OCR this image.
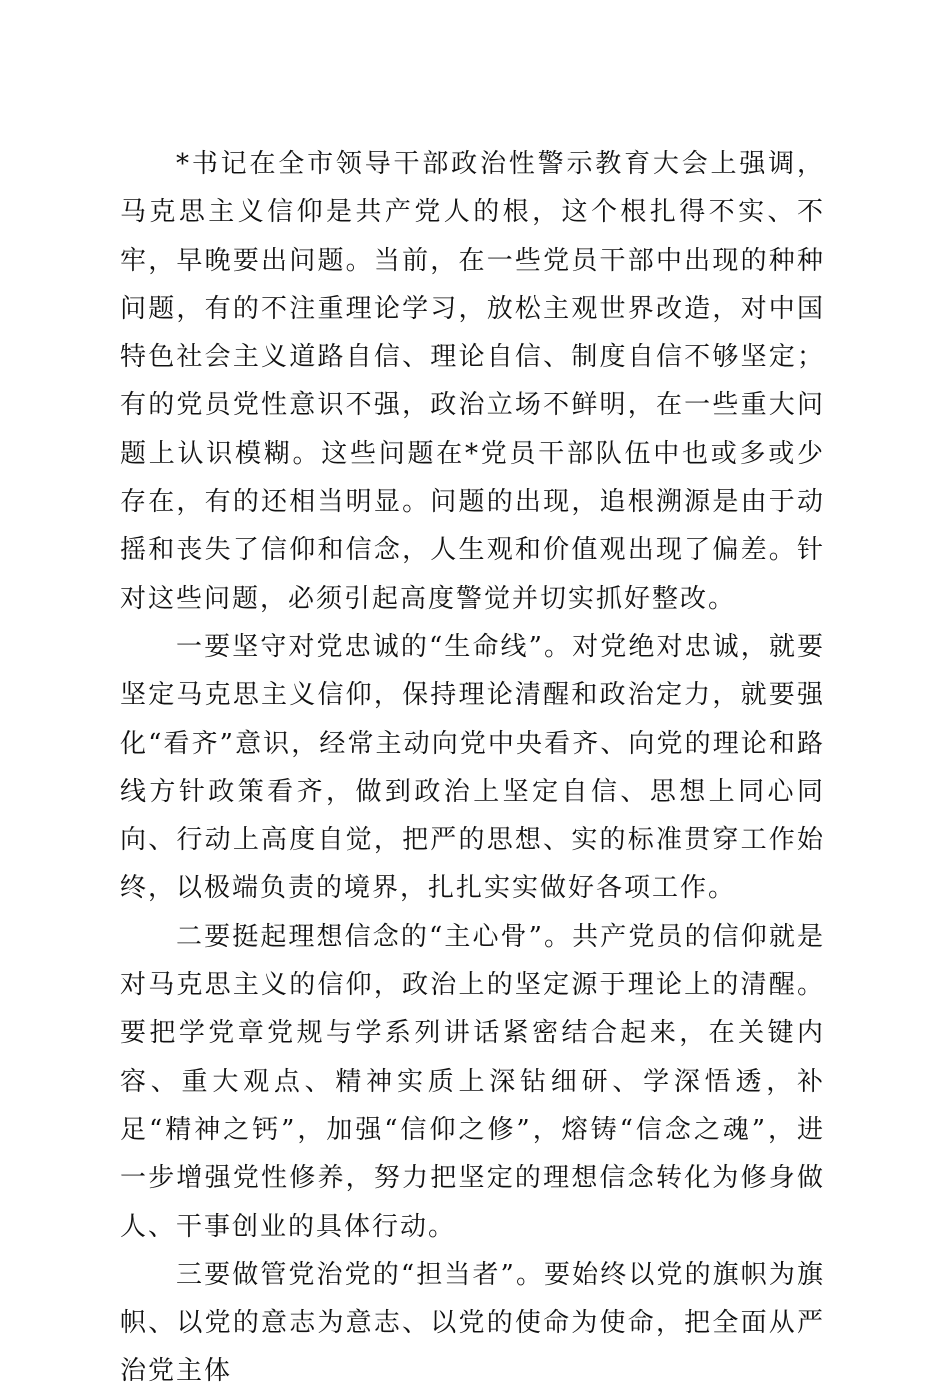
*书记在全市领导干部政治性警示教育大会上强调，马克思主义信仰是共产党人的根，这个根扎得不实、不牢，早晚要出问题。当前，在一些党员干部中出现的种种问题，有的不注重理论学习，放松主观世界改造，对中国特色社会主义道路自信、理论自信、制度自信不够坚定；有的党员党性意识不强，政治立场不鲜明，在一些重大问题上认识模糊。这些问题在*党员干部队伍中也或多或少存在，有的还相当明显。问题的出现，追根溯源是由于动摇和丧失了信仰和信念，人生观和价值观出现了偏差。针对这些问题，必须引起高度警觉并切实抓好整改。

一要坚守对党忠诚的“生命线”。对党绝对忠诚，就要坚定马克思主义信仰，保持理论清醒和政治定力，就要强化“看齐”意识，经常主动向党中央看齐、向党的理论和路线方针政策看齐，做到政治上坚定自信、思想上同心同向、行动上高度自觉，把严的思想、实的标准贯穿工作始终，以极端负责的境界，扎扎实实做好各项工作。

二要挺起理想信念的“主心骨”。共产党员的信仰就是对马克思主义的信仰，政治上的坚定源于理论上的清醒。要把学党章党规与学系列讲话紧密结合起来，在关键内容、重大观点、精神实质上深钻细研、学深悟透，补足“精神之钙”，加强“信仰之修”，熔铸“信念之魂”，进一步增强党性修养，努力把坚定的理想信念转化为修身做人、干事创业的具体行动。

三要做管党治党的“担当者”。要始终以党的旗帜为旗帜、以党的意志为意志、以党的使命为使命，把全面从严治党主体
